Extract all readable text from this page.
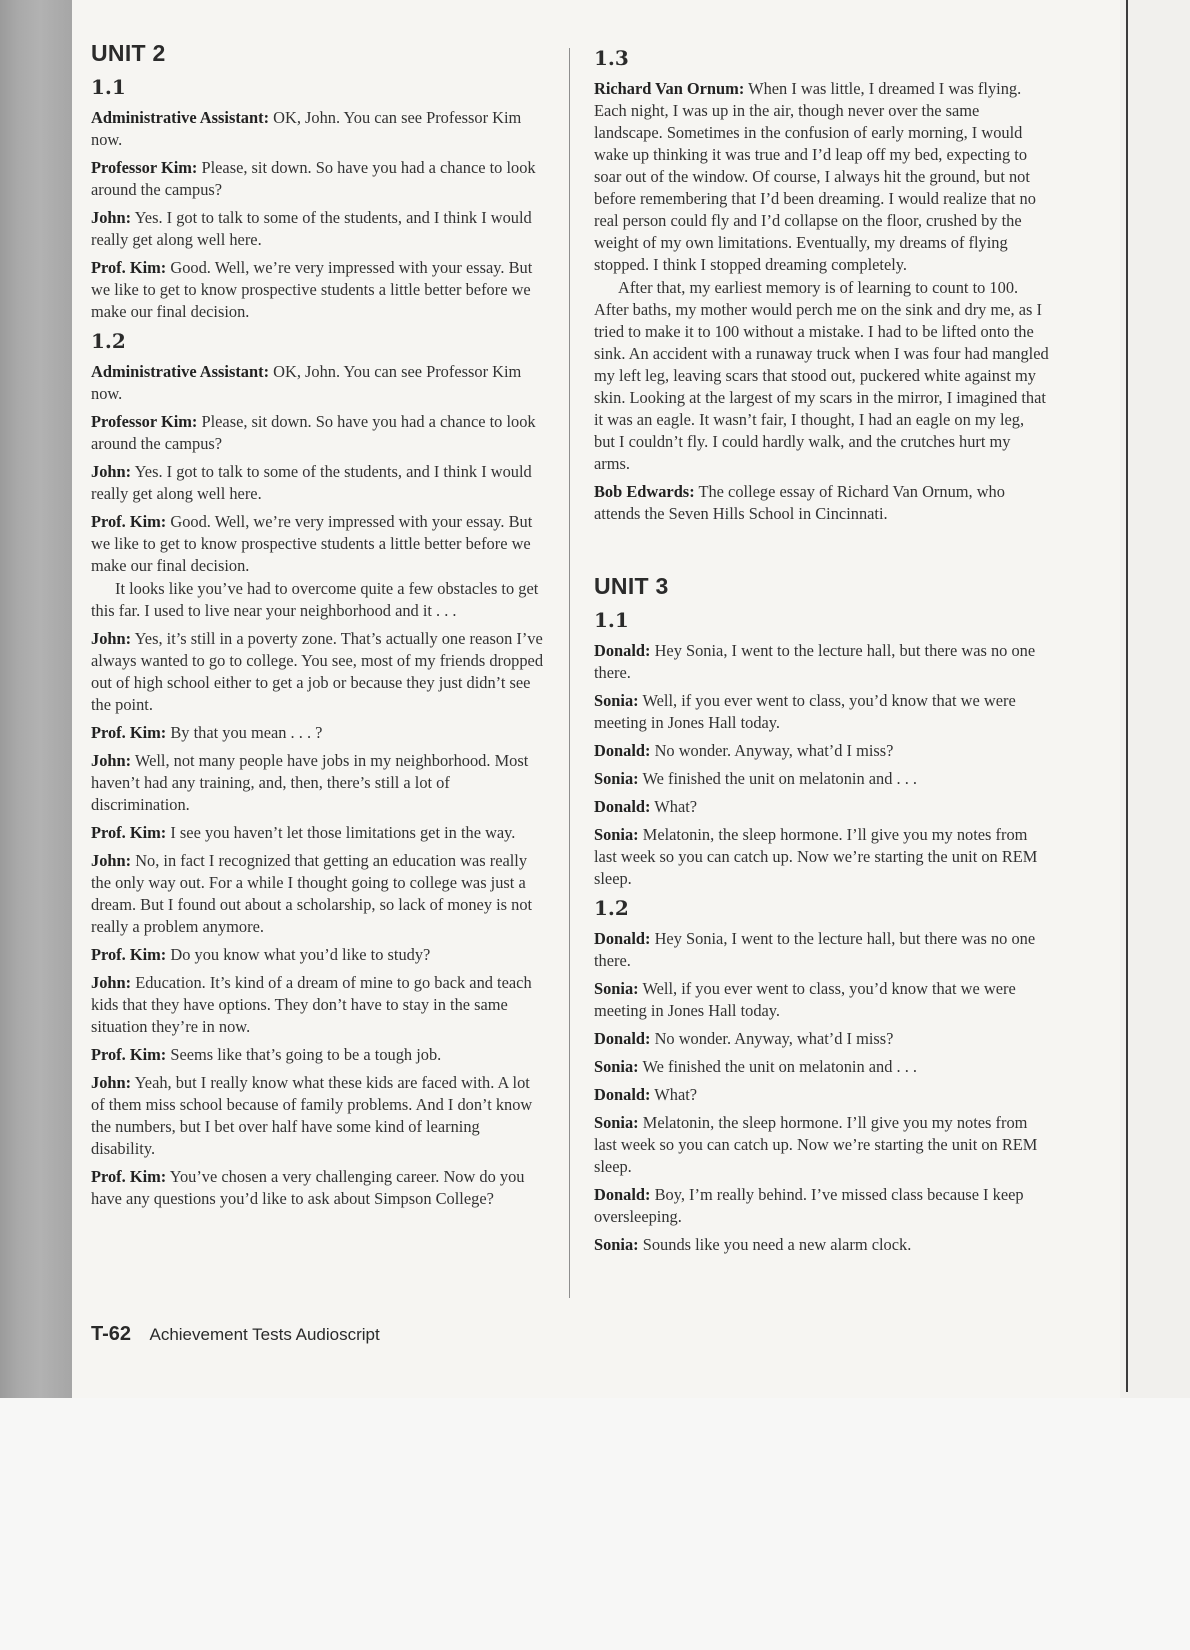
UNIT 2
1.1

Administrative Assistant: OK, John. You can see Professor Kim now.

Professor Kim: Please, sit down. So have you had a chance to look around the campus?

John: Yes. I got to talk to some of the students, and I think I would really get along well here.

Prof. Kim: Good. Well, we’re very impressed with your essay. But we like to get to know prospective students a little better before we make our final decision.

1.2

Administrative Assistant: OK, John. You can see Professor Kim now.

Professor Kim: Please, sit down. So have you had a chance to look around the campus?

John: Yes. I got to talk to some of the students, and I think I would really get along well here.

Prof. Kim: Good. Well, we’re very impressed with your essay. But we like to get to know prospective students a little better before we make our final decision.

It looks like you’ve had to overcome quite a few obstacles to get this far. I used to live near your neighborhood and it . . .

John: Yes, it’s still in a poverty zone. That’s actually one reason I’ve always wanted to go to college. You see, most of my friends dropped out of high school either to get a job or because they just didn’t see the point.

Prof. Kim: By that you mean . . . ?

John: Well, not many people have jobs in my neighborhood. Most haven’t had any training, and, then, there’s still a lot of discrimination.

Prof. Kim: I see you haven’t let those limitations get in the way.

John: No, in fact I recognized that getting an education was really the only way out. For a while I thought going to college was just a dream. But I found out about a scholarship, so lack of money is not really a problem anymore.

Prof. Kim: Do you know what you’d like to study?

John: Education. It’s kind of a dream of mine to go back and teach kids that they have options. They don’t have to stay in the same situation they’re in now.

Prof. Kim: Seems like that’s going to be a tough job.

John: Yeah, but I really know what these kids are faced with. A lot of them miss school because of family problems. And I don’t know the numbers, but I bet over half have some kind of learning disability.

Prof. Kim: You’ve chosen a very challenging career. Now do you have any questions you’d like to ask about Simpson College?

1.3

Richard Van Ornum: When I was little, I dreamed I was flying. Each night, I was up in the air, though never over the same landscape. Sometimes in the confusion of early morning, I would wake up thinking it was true and I’d leap off my bed, expecting to soar out of the window. Of course, I always hit the ground, but not before remembering that I’d been dreaming. I would realize that no real person could fly and I’d collapse on the floor, crushed by the weight of my own limitations. Eventually, my dreams of flying stopped. I think I stopped dreaming completely.

After that, my earliest memory is of learning to count to 100. After baths, my mother would perch me on the sink and dry me, as I tried to make it to 100 without a mistake. I had to be lifted onto the sink. An accident with a runaway truck when I was four had mangled my left leg, leaving scars that stood out, puckered white against my skin. Looking at the largest of my scars in the mirror, I imagined that it was an eagle. It wasn’t fair, I thought, I had an eagle on my leg, but I couldn’t fly. I could hardly walk, and the crutches hurt my arms.

Bob Edwards: The college essay of Richard Van Ornum, who attends the Seven Hills School in Cincinnati.

UNIT 3
1.1

Donald: Hey Sonia, I went to the lecture hall, but there was no one there.

Sonia: Well, if you ever went to class, you’d know that we were meeting in Jones Hall today.

Donald: No wonder. Anyway, what’d I miss?

Sonia: We finished the unit on melatonin and . . .

Donald: What?

Sonia: Melatonin, the sleep hormone. I’ll give you my notes from last week so you can catch up. Now we’re starting the unit on REM sleep.

1.2

Donald: Hey Sonia, I went to the lecture hall, but there was no one there.

Sonia: Well, if you ever went to class, you’d know that we were meeting in Jones Hall today.

Donald: No wonder. Anyway, what’d I miss?

Sonia: We finished the unit on melatonin and . . .

Donald: What?

Sonia: Melatonin, the sleep hormone. I’ll give you my notes from last week so you can catch up. Now we’re starting the unit on REM sleep.

Donald: Boy, I’m really behind. I’ve missed class because I keep oversleeping.

Sonia: Sounds like you need a new alarm clock.

T-62 Achievement Tests Audioscript
